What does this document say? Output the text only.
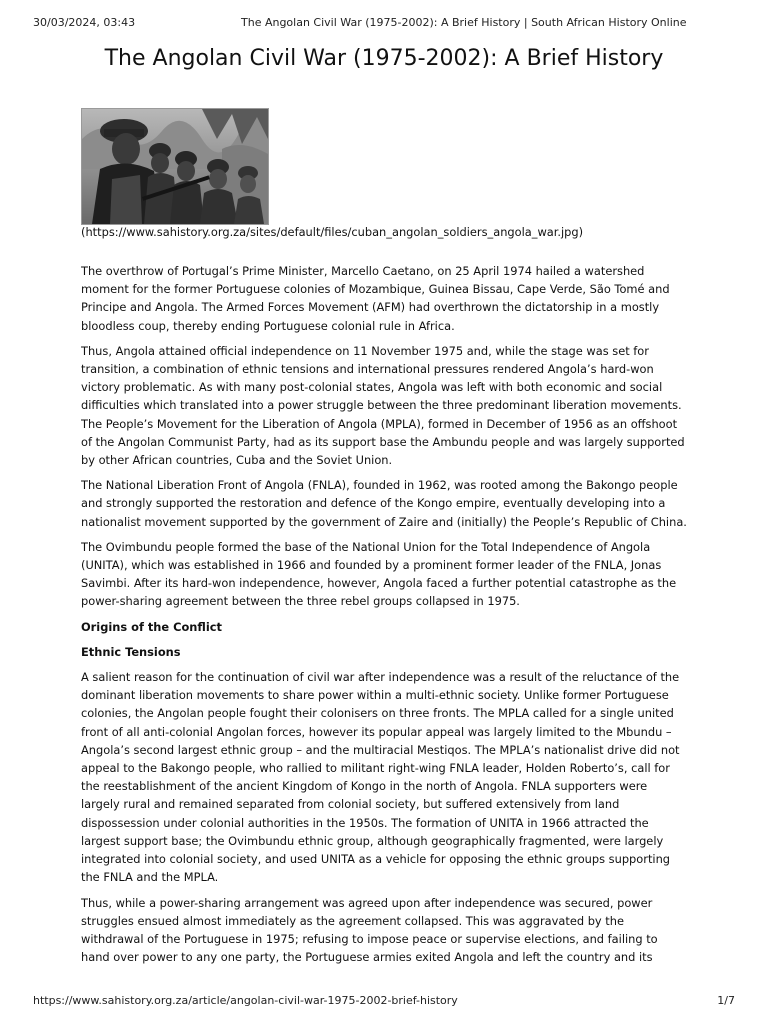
30/03/2024, 03:43	The Angolan Civil War (1975-2002): A Brief History | South African History Online
The Angolan Civil War (1975-2002): A Brief History
(https://www.sahistory.org.za/sites/default/files/cuban_angolan_soldiers_angola_war.jpg)

The overthrow of Portugal’s Prime Minister, Marcello Caetano, on 25 April 1974 hailed a watershed moment for the former Portuguese colonies of Mozambique, Guinea Bissau, Cape Verde, São Tomé and Principe and Angola. The Armed Forces Movement (AFM) had overthrown the dictatorship in a mostly bloodless coup, thereby ending Portuguese colonial rule in Africa.

Thus, Angola attained official independence on 11 November 1975 and, while the stage was set for transition, a combination of ethnic tensions and international pressures rendered Angola’s hard-won victory problematic. As with many post-colonial states, Angola was left with both economic and social difficulties which translated into a power struggle between the three predominant liberation movements. The People’s Movement for the Liberation of Angola (MPLA), formed in December of 1956 as an offshoot of the Angolan Communist Party, had as its support base the Ambundu people and was largely supported by other African countries, Cuba and the Soviet Union.

The National Liberation Front of Angola (FNLA), founded in 1962, was rooted among the Bakongo people and strongly supported the restoration and defence of the Kongo empire, eventually developing into a nationalist movement supported by the government of Zaire and (initially) the People’s Republic of China.

The Ovimbundu people formed the base of the National Union for the Total Independence of Angola (UNITA), which was established in 1966 and founded by a prominent former leader of the FNLA, Jonas Savimbi. After its hard-won independence, however, Angola faced a further potential catastrophe as the power-sharing agreement between the three rebel groups collapsed in 1975.

Origins of the Conflict
Ethnic Tensions

A salient reason for the continuation of civil war after independence was a result of the reluctance of the dominant liberation movements to share power within a multi-ethnic society. Unlike former Portuguese colonies, the Angolan people fought their colonisers on three fronts. The MPLA called for a single united front of all anti-colonial Angolan forces, however its popular appeal was largely limited to the Mbundu – Angola’s second largest ethnic group – and the multiracial Mestiqos. The MPLA’s nationalist drive did not appeal to the Bakongo people, who rallied to militant right-wing FNLA leader, Holden Roberto’s, call for the reestablishment of the ancient Kingdom of Kongo in the north of Angola. FNLA supporters were largely rural and remained separated from colonial society, but suffered extensively from land dispossession under colonial authorities in the 1950s. The formation of UNITA in 1966 attracted the largest support base; the Ovimbundu ethnic group, although geographically fragmented, were largely integrated into colonial society, and used UNITA as a vehicle for opposing the ethnic groups supporting the FNLA and the MPLA.

Thus, while a power-sharing arrangement was agreed upon after independence was secured, power struggles ensued almost immediately as the agreement collapsed. This was aggravated by the withdrawal of the Portuguese in 1975; refusing to impose peace or supervise elections, and failing to hand over power to any one party, the Portuguese armies exited Angola and left the country and its

https://www.sahistory.org.za/article/angolan-civil-war-1975-2002-brief-history	1/7
